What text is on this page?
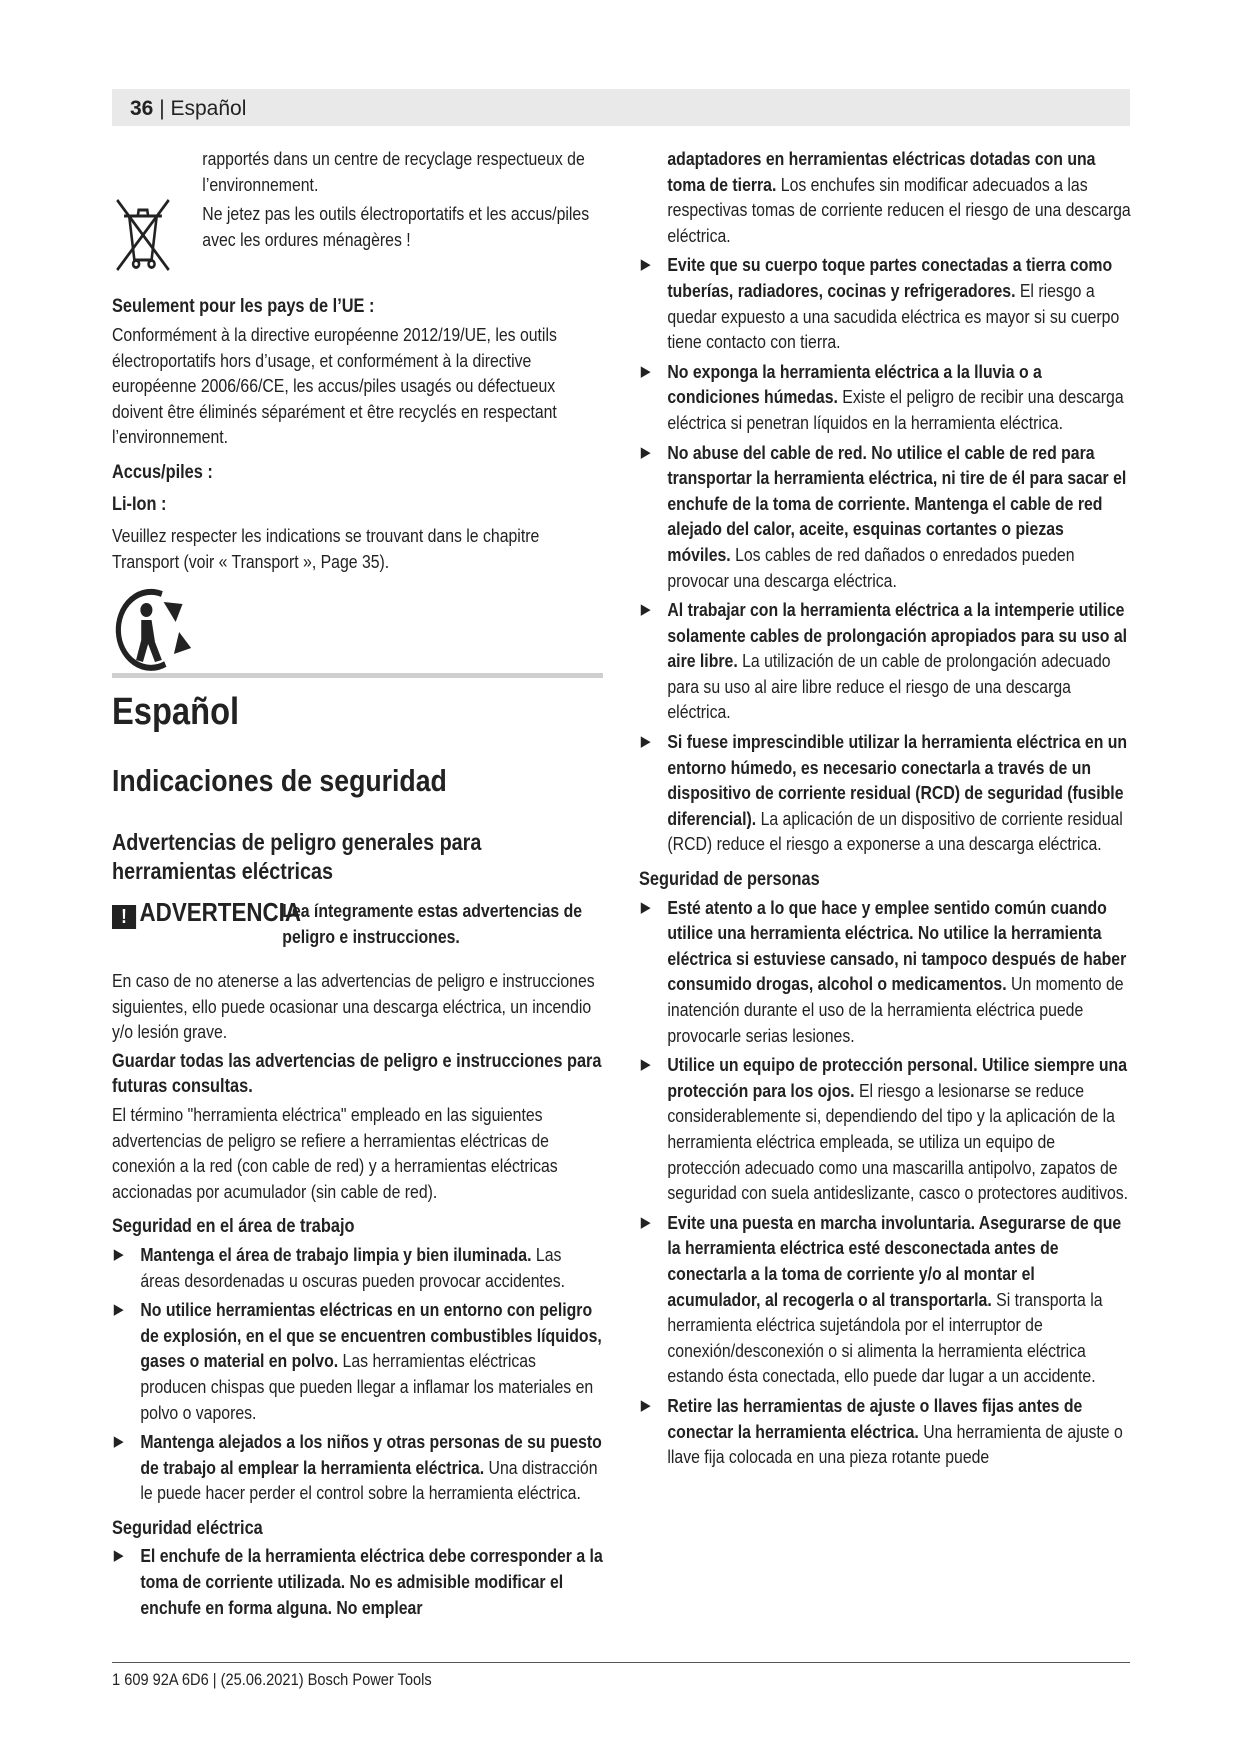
36 | Español
rapportés dans un centre de recyclage respectueux de l’environnement.
Ne jetez pas les outils électroportatifs et les accus/piles avec les ordures ménagères !
Seulement pour les pays de l’UE :
Conformément à la directive européenne 2012/19/UE, les outils électroportatifs hors d’usage, et conformément à la directive européenne 2006/66/CE, les accus/piles usagés ou défectueux doivent être éliminés séparément et être recyclés en respectant l’environnement.
Accus/piles :
Li-Ion :
Veuillez respecter les indications se trouvant dans le chapitre Transport (voir « Transport », Page 35).
Español
Indicaciones de seguridad
Advertencias de peligro generales para herramientas eléctricas
! ADVERTENCIA
Lea íntegramente estas advertencias de peligro e instrucciones.
En caso de no atenerse a las advertencias de peligro e instrucciones siguientes, ello puede ocasionar una descarga eléctrica, un incendio y/o lesión grave.
Guardar todas las advertencias de peligro e instrucciones para futuras consultas.
El término "herramienta eléctrica" empleado en las siguientes advertencias de peligro se refiere a herramientas eléctricas de conexión a la red (con cable de red) y a herramientas eléctricas accionadas por acumulador (sin cable de red).
Seguridad en el área de trabajo
▶ Mantenga el área de trabajo limpia y bien iluminada. Las áreas desordenadas u oscuras pueden provocar accidentes.
▶ No utilice herramientas eléctricas en un entorno con peligro de explosión, en el que se encuentren combustibles líquidos, gases o material en polvo. Las herramientas eléctricas producen chispas que pueden llegar a inflamar los materiales en polvo o vapores.
▶ Mantenga alejados a los niños y otras personas de su puesto de trabajo al emplear la herramienta eléctrica. Una distracción le puede hacer perder el control sobre la herramienta eléctrica.
Seguridad eléctrica
▶ El enchufe de la herramienta eléctrica debe corresponder a la toma de corriente utilizada. No es admisible modificar el enchufe en forma alguna. No emplear
adaptadores en herramientas eléctricas dotadas con una toma de tierra. Los enchufes sin modificar adecuados a las respectivas tomas de corriente reducen el riesgo de una descarga eléctrica.
▶ Evite que su cuerpo toque partes conectadas a tierra como tuberías, radiadores, cocinas y refrigeradores. El riesgo a quedar expuesto a una sacudida eléctrica es mayor si su cuerpo tiene contacto con tierra.
▶ No exponga la herramienta eléctrica a la lluvia o a condiciones húmedas. Existe el peligro de recibir una descarga eléctrica si penetran líquidos en la herramienta eléctrica.
▶ No abuse del cable de red. No utilice el cable de red para transportar la herramienta eléctrica, ni tire de él para sacar el enchufe de la toma de corriente. Mantenga el cable de red alejado del calor, aceite, esquinas cortantes o piezas móviles. Los cables de red dañados o enredados pueden provocar una descarga eléctrica.
▶ Al trabajar con la herramienta eléctrica a la intemperie utilice solamente cables de prolongación apropiados para su uso al aire libre. La utilización de un cable de prolongación adecuado para su uso al aire libre reduce el riesgo de una descarga eléctrica.
▶ Si fuese imprescindible utilizar la herramienta eléctrica en un entorno húmedo, es necesario conectarla a través de un dispositivo de corriente residual (RCD) de seguridad (fusible diferencial). La aplicación de un dispositivo de corriente residual (RCD) reduce el riesgo a exponerse a una descarga eléctrica.
Seguridad de personas
▶ Esté atento a lo que hace y emplee sentido común cuando utilice una herramienta eléctrica. No utilice la herramienta eléctrica si estuviese cansado, ni tampoco después de haber consumido drogas, alcohol o medicamentos. Un momento de inatención durante el uso de la herramienta eléctrica puede provocarle serias lesiones.
▶ Utilice un equipo de protección personal. Utilice siempre una protección para los ojos. El riesgo a lesionarse se reduce considerablemente si, dependiendo del tipo y la aplicación de la herramienta eléctrica empleada, se utiliza un equipo de protección adecuado como una mascarilla antipolvo, zapatos de seguridad con suela antideslizante, casco o protectores auditivos.
▶ Evite una puesta en marcha involuntaria. Asegurarse de que la herramienta eléctrica esté desconectada antes de conectarla a la toma de corriente y/o al montar el acumulador, al recogerla o al transportarla. Si transporta la herramienta eléctrica sujetándola por el interruptor de conexión/desconexión o si alimenta la herramienta eléctrica estando ésta conectada, ello puede dar lugar a un accidente.
▶ Retire las herramientas de ajuste o llaves fijas antes de conectar la herramienta eléctrica. Una herramienta de ajuste o llave fija colocada en una pieza rotante puede
1 609 92A 6D6 | (25.06.2021) Bosch Power Tools
